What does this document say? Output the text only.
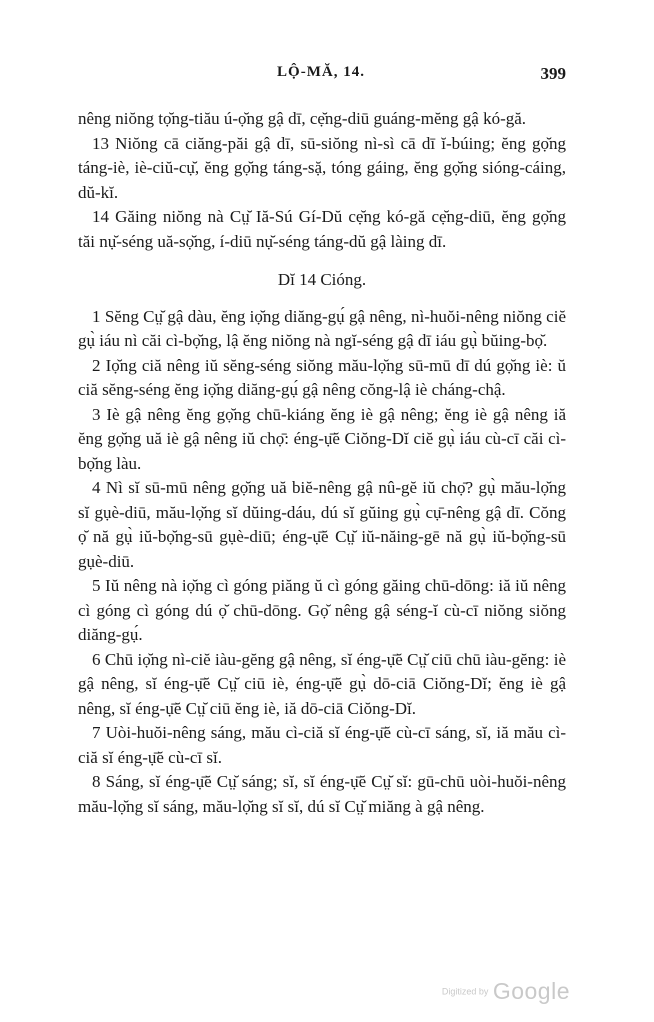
LỘ-MĂ, 14.	399

nêng niŏng tọ̆ng-tiău ú-ọ̆ng gậ dī, cẹ̆ng-diū guáng-mĕng gậ kó-gă.

13 Niŏng cā ciăng-păi gậ dī, sū-siŏng nì-sì cā dī ĭ-búing; ĕng gọ̆ng táng-iè, iè-ciŭ-cụ̆, ĕng gọ̆ng táng-sặ, tóng gáing, ĕng gọ̆ng sióng-cáing, dŭ-kĭ.

14 Găing niŏng nà Cṳ̆ Iă-Sú Gí-Dŭ cẹ̆ng kó-gă cẹ̆ng-diū, ĕng gọ̆ng tăi nụ̆-séng uă-sọ̆ng, í-diū nụ̆-séng táng-dŭ gậ làing dī.

Dĭ 14 Cióng.

1 Sĕng Cṳ̆ gậ dàu, ĕng iọ̆ng diăng-gụ́ gậ nêng, nì-huŏi-nêng niŏng ciĕ gụ̀ iáu nì căi cì-bọ̆ng, lậ ĕng niŏng nà ngĭ-séng gậ dī iáu gụ̀ bŭing-bọ̆.

2 Iọ̆ng ciă nêng iŭ sĕng-séng siŏng mău-lọ̆ng sū-mū dī dú gọ̆ng iè: ŭ ciă sĕng-séng ĕng iọ̆ng diăng-gụ́ gậ nêng cŏng-lậ iè cháng-chậ.

3 Iè gậ nêng ĕng gọ̆ng chū-kiáng ĕng iè gậ nêng; ĕng iè gậ nêng iă ĕng gọ̆ng uă iè gậ nêng iŭ chọ̄: éng-ụ̄ĕ Ciŏng-Dĭ ciĕ gụ̀ iáu cù-cī căi cì-bọ̆ng làu.

4 Nì sĭ sū-mū nêng gọ̆ng uă biĕ-nêng gậ nû-gĕ iŭ chọ̄? gụ̀ mău-lọ̆ng sĭ gụè-diū, mău-lọ̆ng sĭ dŭing-dáu, dú sĭ gŭing gụ̀ cụ̄-nêng gậ dī. Cŏng ọ̆ nă gụ̀ iŭ-bọ̆ng-sū gụè-diū; éng-ụ̄ĕ Cṳ̆ iŭ-năing-gē nă gụ̀ iŭ-bọ̆ng-sū gụè-diū.

5 Iŭ nêng nà iọ̆ng cì góng piăng ŭ cì góng găing chū-dōng: iă iŭ nêng cì góng cì góng dú ọ̆ chū-dōng. Gọ̆ nêng gậ séng-ĭ cù-cī niŏng siŏng diăng-gụ́.

6 Chū iọ̆ng nì-ciĕ iàu-gĕng gậ nêng, sĭ éng-ụ̄ĕ Cṳ̆ ciū chū iàu-gĕng: iè gậ nêng, sĭ éng-ụ̄ĕ Cṳ̆ ciū iè, éng-ụ̄ĕ gụ̀ dō-ciā Ciŏng-Dĭ; ĕng iè gậ nêng, sĭ éng-ụ̄ĕ Cṳ̆ ciū ĕng iè, iă dō-ciā Ciŏng-Dĭ.

7 Uòi-huŏi-nêng sáng, mău cì-ciă sĭ éng-ụ̄ĕ cù-cī sáng, sĭ, iă mău cì-ciă sĭ éng-ụ̄ĕ cù-cī sĭ.

8 Sáng, sĭ éng-ụ̄ĕ Cṳ̆ sáng; sĭ, sĭ éng-ụ̄ĕ Cṳ̆ sĭ: gū-chū uòi-huŏi-nêng mău-lọ̆ng sĭ sáng, mău-lọ̆ng sĭ sĭ, dú sĭ Cṳ̆ miăng à gậ nêng.

Digitized by Google
